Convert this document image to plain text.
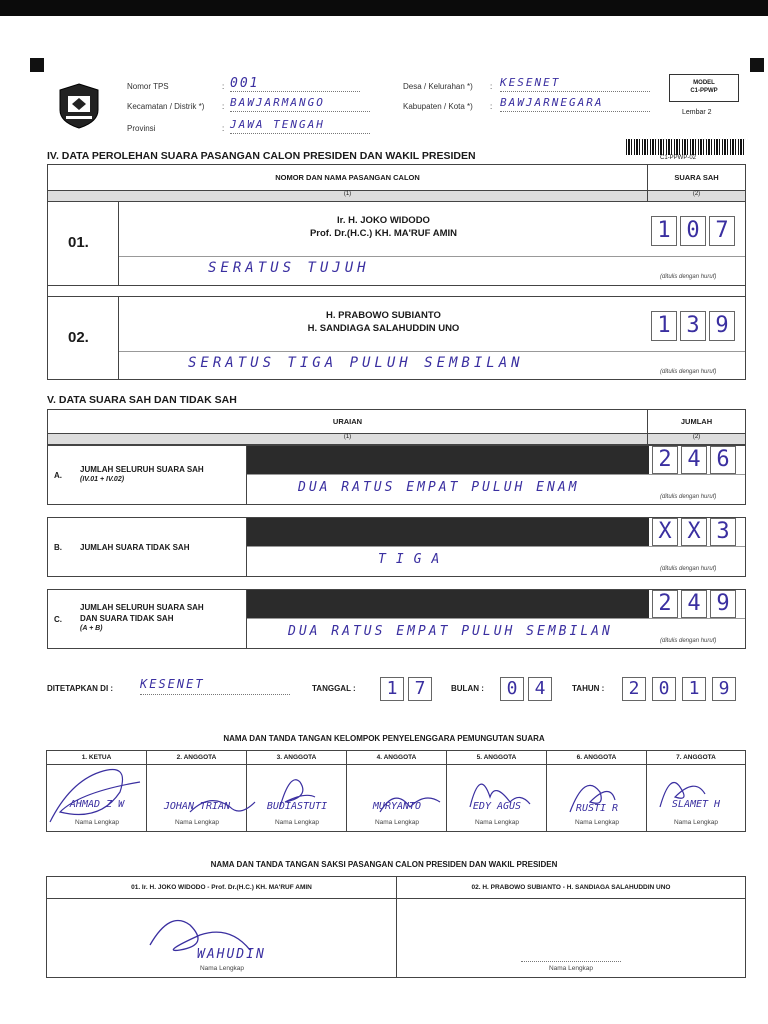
Nomor TPS	: 001
Kecamatan / Distrik *) : BAWJARMANGO
Provinsi	: JAWA TENGAH
Desa / Kelurahan *) : KESENET
Kabupaten / Kota *) : BAWJARNEGARA
MODEL
C1-PPWP
Lembar 2
C1-PPWP-02
IV. DATA PEROLEHAN SUARA PASANGAN CALON PRESIDEN DAN WAKIL PRESIDEN
NOMOR DAN NAMA PASANGAN CALON	SUARA SAH
(1)	(2)
01.
Ir. H. JOKO WIDODO
Prof. Dr.(H.C.) KH. MA'RUF AMIN	1 0 7
SERATUS TUJUH
(ditulis dengan huruf)
02.
H. PRABOWO SUBIANTO
H. SANDIAGA SALAHUDDIN UNO	1 3 9
SERATUS TIGA PULUH SEMBILAN
(ditulis dengan huruf)
V. DATA SUARA SAH DAN TIDAK SAH
URAIAN	JUMLAH
(1)	(2)
A.
JUMLAH SELURUH SUARA SAH
(IV.01 + IV.02)
2 4 6
DUA RATUS EMPAT PULUH ENAM
(ditulis dengan huruf)
B. JUMLAH SUARA TIDAK SAH
X X 3
TIGA
(ditulis dengan huruf)
C.
JUMLAH SELURUH SUARA SAH
DAN SUARA TIDAK SAH
(A + B)
2 4 9
DUA RATUS EMPAT PULUH SEMBILAN
(ditulis dengan huruf)
DITETAPKAN DI : KESENET	TANGGAL :	1 7	BULAN :	0 4	TAHUN :	2	0	1	9
NAMA DAN TANDA TANGAN KELOMPOK PENYELENGGARA PEMUNGUTAN SUARA
1. KETUA
AHMAD Z W
Nama Lengkap
2. ANGGOTA
JOHAN TRIAN
Nama Lengkap
3. ANGGOTA
BUDIASTUTI
Nama Lengkap
4. ANGGOTA
MURYANTO
Nama Lengkap
5. ANGGOTA
EDY AGUS
Nama Lengkap
6. ANGGOTA
RUSTI R
Nama Lengkap
7. ANGGOTA
SLAMET H
Nama Lengkap
NAMA DAN TANDA TANGAN SAKSI PASANGAN CALON PRESIDEN DAN WAKIL PRESIDEN
01. Ir. H. JOKO WIDODO - Prof. Dr.(H.C.) KH. MA'RUF AMIN
WAHUDIN
Nama Lengkap
02. H. PRABOWO SUBIANTO - H. SANDIAGA SALAHUDDIN UNO
Nama Lengkap
